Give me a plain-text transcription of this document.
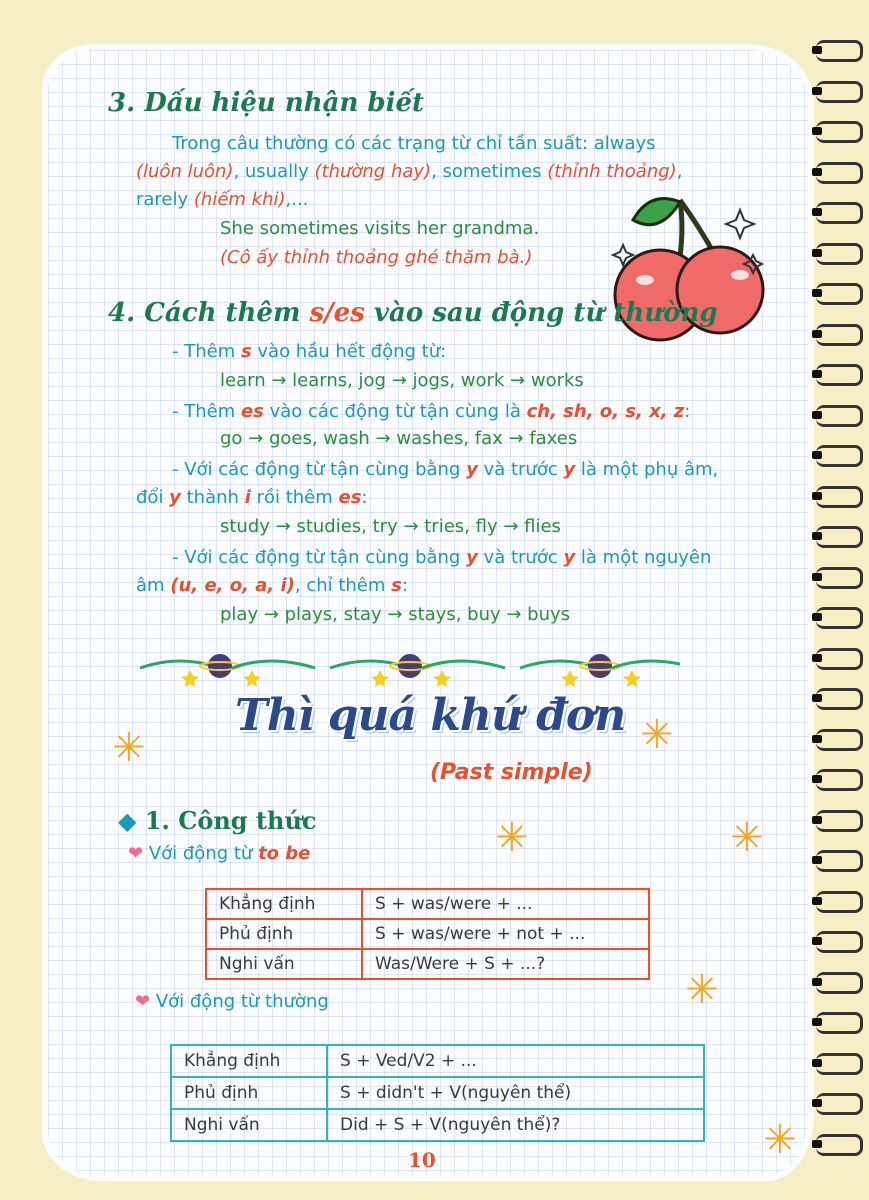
3. Dấu hiệu nhận biết
Trong câu thường có các trạng từ chỉ tần suất: always
(luôn luôn), usually (thường hay), sometimes (thỉnh thoảng),
rarely (hiếm khi),...
She sometimes visits her grandma.
(Cô ấy thỉnh thoảng ghé thăm bà.)
4. Cách thêm s/es vào sau động từ thường
- Thêm s vào hầu hết động từ:
learn → learns, jog → jogs, work → works
- Thêm es vào các động từ tận cùng là ch, sh, o, s, x, z:
go → goes, wash → washes, fax → faxes
- Với các động từ tận cùng bằng y và trước y là một phụ âm,
đổi y thành i rồi thêm es:
study → studies, try → tries, fly → flies
- Với các động từ tận cùng bằng y và trước y là một nguyên
âm (u, e, o, a, i), chỉ thêm s:
play → plays, stay → stays, buy → buys
Thì quá khứ đơn
(Past simple)
✳	✳
✳	✳
✳
✳
◆ 1. Công thức
❤ Với động từ to be
Khẳng định	S + was/were + ...
Phủ định	S + was/were + not + ...
Nghi vấn	Was/Were + S + ...?
❤ Với động từ thường
Khẳng định	S + Ved/V2 + ...
Phủ định	S + didn't + V(nguyên thể)
Nghi vấn	Did + S + V(nguyên thể)?
10
